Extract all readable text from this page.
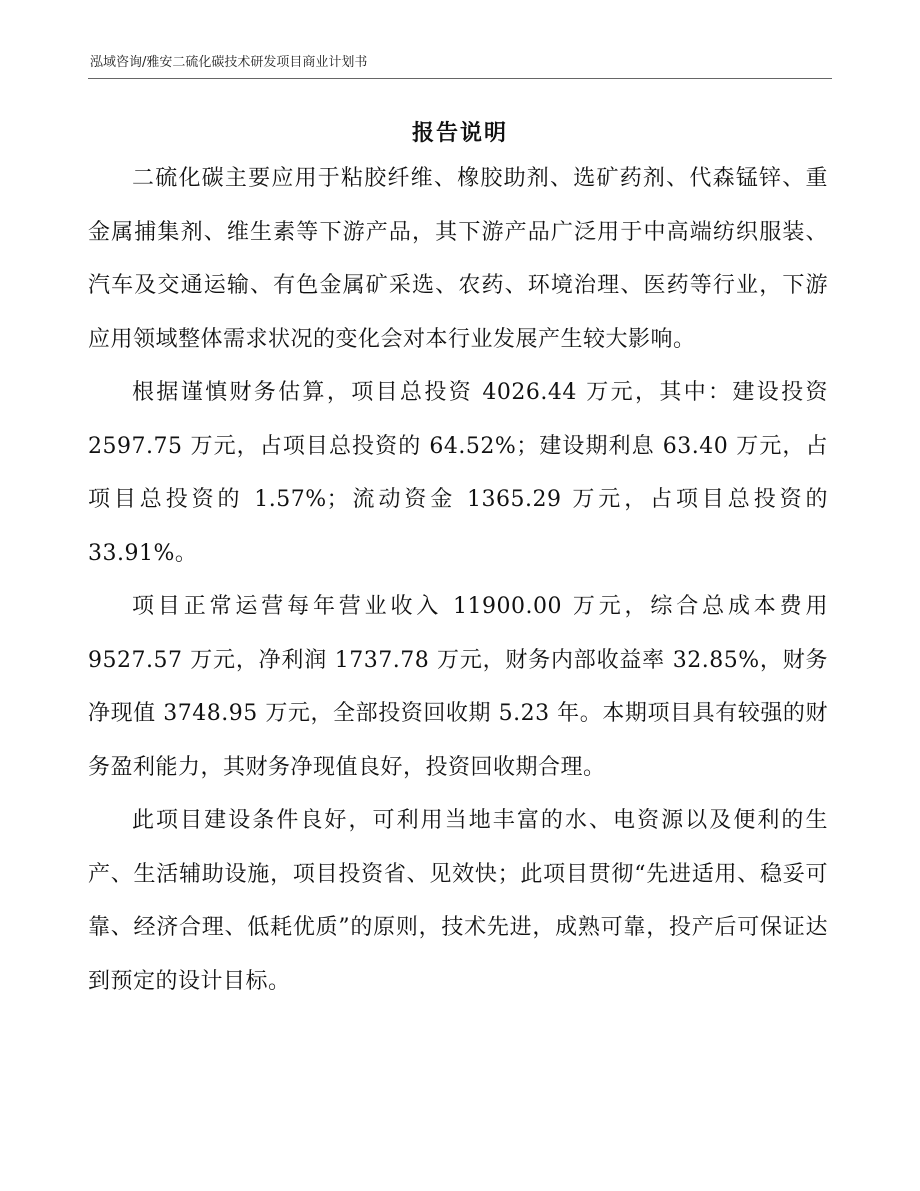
泓域咨询/雅安二硫化碳技术研发项目商业计划书
报告说明

二硫化碳主要应用于粘胶纤维、橡胶助剂、选矿药剂、代森锰锌、重金属捕集剂、维生素等下游产品，其下游产品广泛用于中高端纺织服装、汽车及交通运输、有色金属矿采选、农药、环境治理、医药等行业，下游应用领域整体需求状况的变化会对本行业发展产生较大影响。

根据谨慎财务估算，项目总投资 4026.44 万元，其中：建设投资 2597.75 万元，占项目总投资的 64.52%；建设期利息 63.40 万元，占项目总投资的 1.57%；流动资金 1365.29 万元，占项目总投资的 33.91%。

项目正常运营每年营业收入 11900.00 万元，综合总成本费用 9527.57 万元，净利润 1737.78 万元，财务内部收益率 32.85%，财务净现值 3748.95 万元，全部投资回收期 5.23 年。本期项目具有较强的财务盈利能力，其财务净现值良好，投资回收期合理。

此项目建设条件良好，可利用当地丰富的水、电资源以及便利的生产、生活辅助设施，项目投资省、见效快；此项目贯彻“先进适用、稳妥可靠、经济合理、低耗优质”的原则，技术先进，成熟可靠，投产后可保证达到预定的设计目标。
